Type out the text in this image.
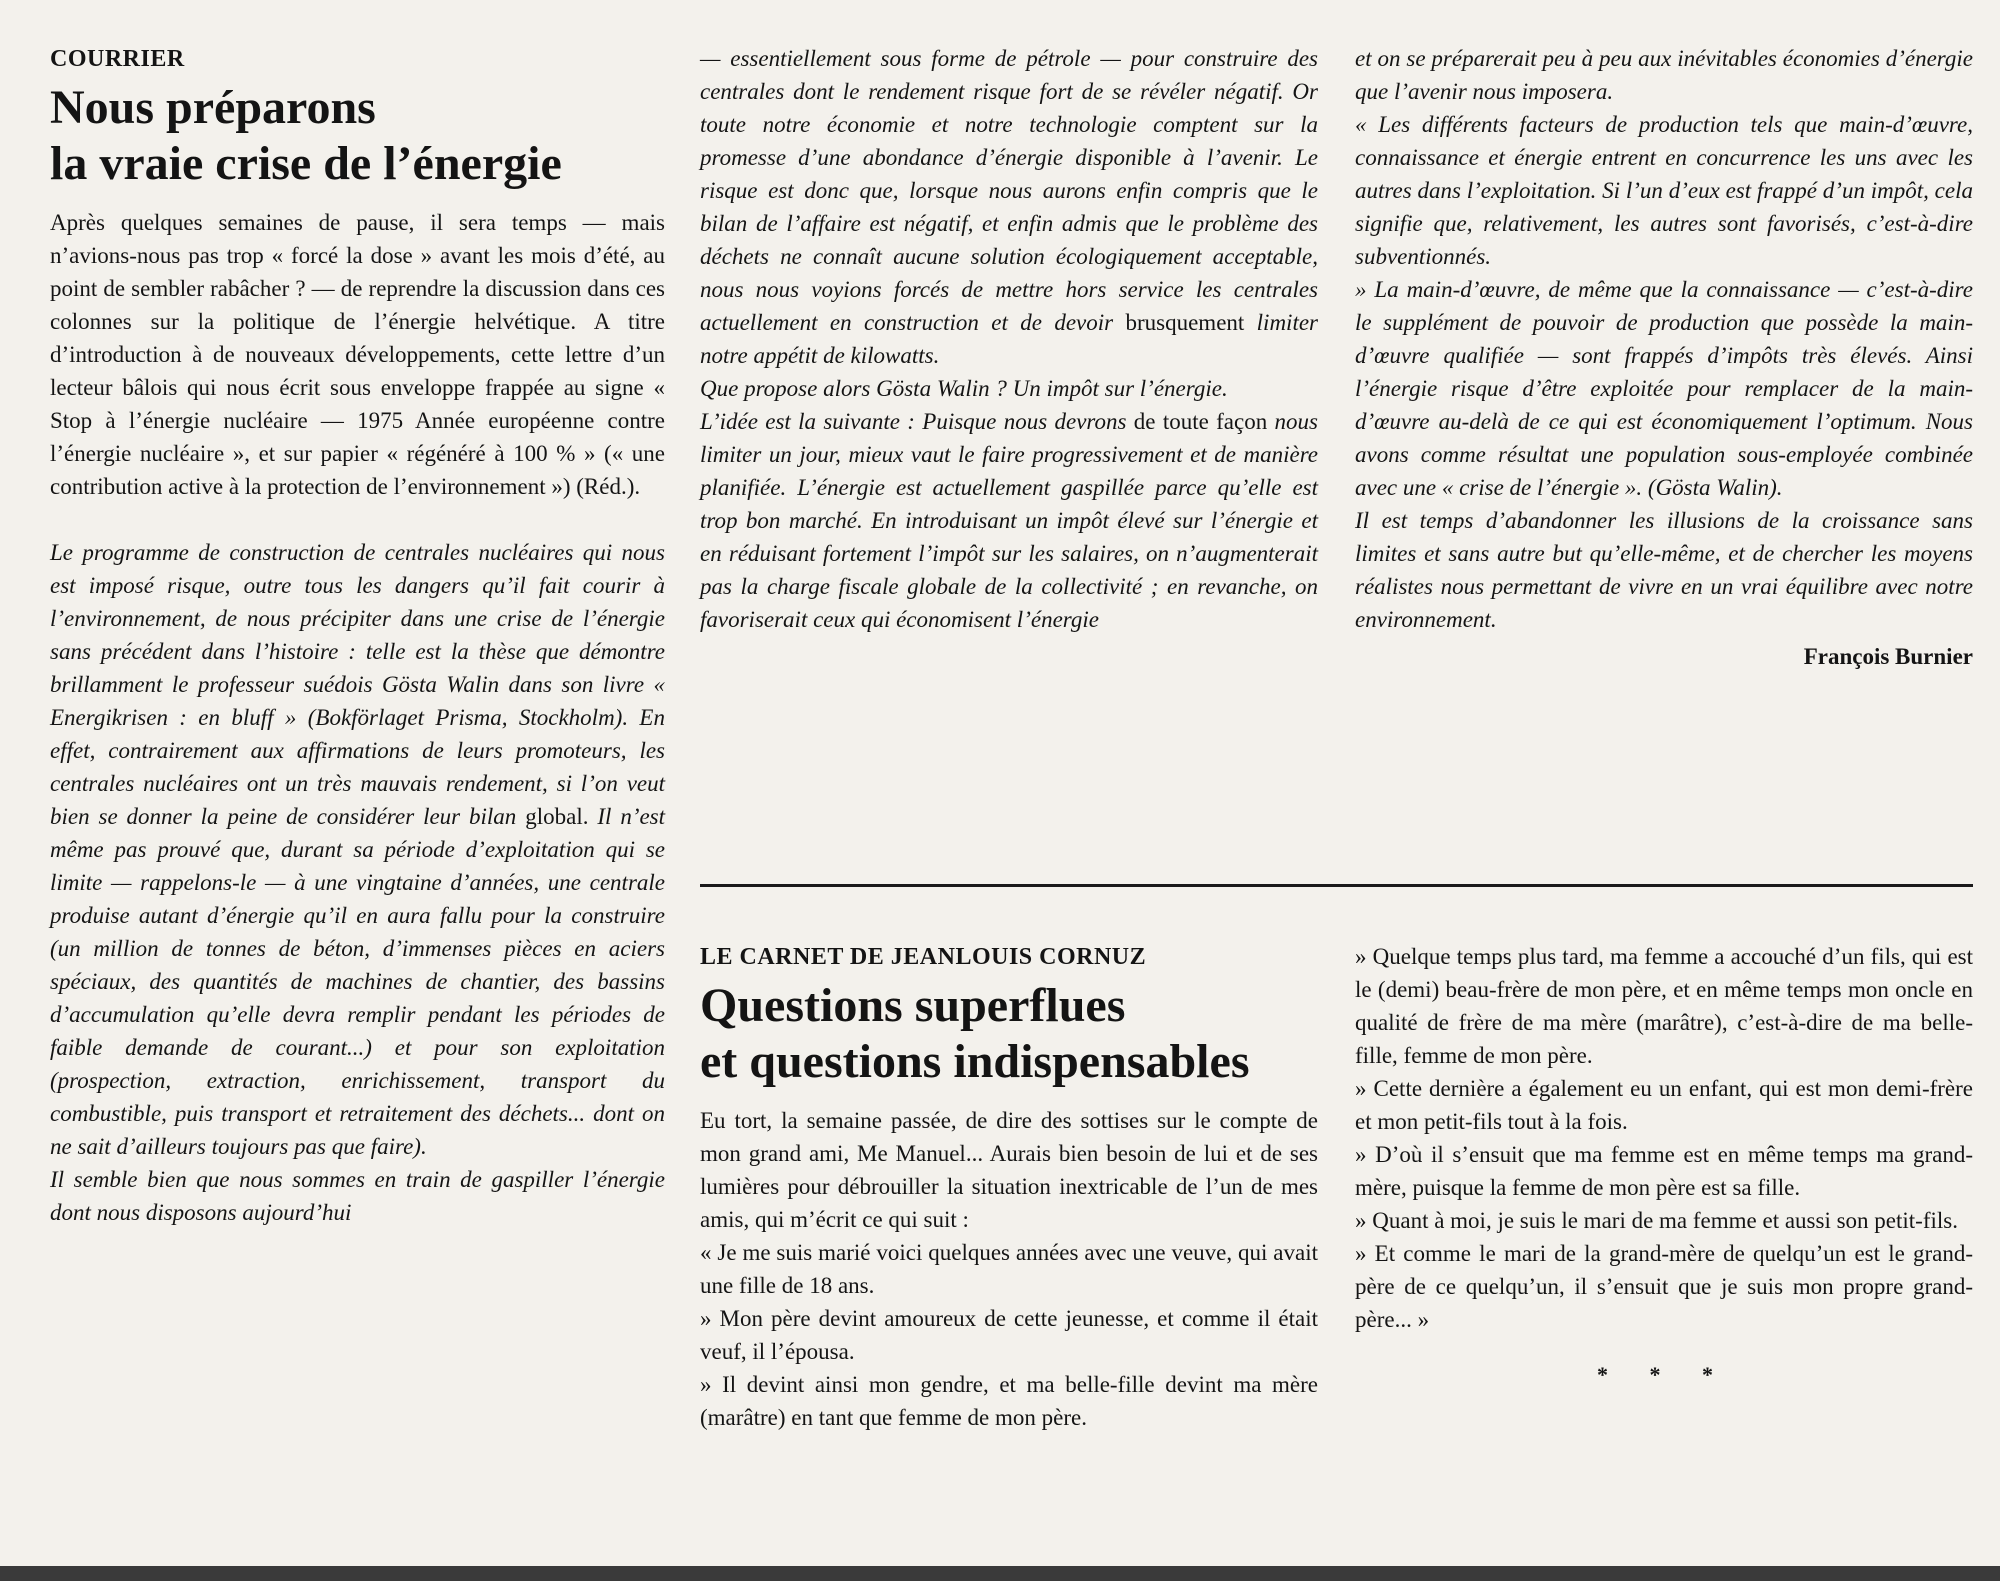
COURRIER
Nous préparons
la vraie crise de l’énergie

Après quelques semaines de pause, il sera temps — mais n’avions-nous pas trop « forcé la dose » avant les mois d’été, au point de sembler rabâcher ? — de reprendre la discussion dans ces colonnes sur la politique de l’énergie helvétique. A titre d’introduction à de nouveaux développements, cette lettre d’un lecteur bâlois qui nous écrit sous enveloppe frappée au signe « Stop à l’énergie nucléaire — 1975 Année européenne contre l’énergie nucléaire », et sur papier « régénéré à 100 % » (« une contribution active à la protection de l’environnement ») (Réd.).

Le programme de construction de centrales nucléaires qui nous est imposé risque, outre tous les dangers qu’il fait courir à l’environnement, de nous précipiter dans une crise de l’énergie sans précédent dans l’histoire : telle est la thèse que démontre brillamment le professeur suédois Gösta Walin dans son livre « Energikrisen : en bluff » (Bokförlaget Prisma, Stockholm). En effet, contrairement aux affirmations de leurs promoteurs, les centrales nucléaires ont un très mauvais rendement, si l’on veut bien se donner la peine de considérer leur bilan global. Il n’est même pas prouvé que, durant sa période d’exploitation qui se limite — rappelons-le — à une vingtaine d’années, une centrale produise autant d’énergie qu’il en aura fallu pour la construire (un million de tonnes de béton, d’immenses pièces en aciers spéciaux, des quantités de machines de chantier, des bassins d’accumulation qu’elle devra remplir pendant les périodes de faible demande de courant...) et pour son exploitation (prospection, extraction, enrichissement, transport du combustible, puis transport et retraitement des déchets... dont on ne sait d’ailleurs toujours pas que faire).

Il semble bien que nous sommes en train de gaspiller l’énergie dont nous disposons aujourd’hui

— essentiellement sous forme de pétrole — pour construire des centrales dont le rendement risque fort de se révéler négatif. Or toute notre économie et notre technologie comptent sur la promesse d’une abondance d’énergie disponible à l’avenir. Le risque est donc que, lorsque nous aurons enfin compris que le bilan de l’affaire est négatif, et enfin admis que le problème des déchets ne connaît aucune solution écologiquement acceptable, nous nous voyions forcés de mettre hors service les centrales actuellement en construction et de devoir brusquement limiter notre appétit de kilowatts.

Que propose alors Gösta Walin ? Un impôt sur l’énergie.

L’idée est la suivante : Puisque nous devrons de toute façon nous limiter un jour, mieux vaut le faire progressivement et de manière planifiée. L’énergie est actuellement gaspillée parce qu’elle est trop bon marché. En introduisant un impôt élevé sur l’énergie et en réduisant fortement l’impôt sur les salaires, on n’augmenterait pas la charge fiscale globale de la collectivité ; en revanche, on favoriserait ceux qui économisent l’énergie

et on se préparerait peu à peu aux inévitables économies d’énergie que l’avenir nous imposera.

« Les différents facteurs de production tels que main-d’œuvre, connaissance et énergie entrent en concurrence les uns avec les autres dans l’exploitation. Si l’un d’eux est frappé d’un impôt, cela signifie que, relativement, les autres sont favorisés, c’est-à-dire subventionnés.

» La main-d’œuvre, de même que la connaissance — c’est-à-dire le supplément de pouvoir de production que possède la main-d’œuvre qualifiée — sont frappés d’impôts très élevés. Ainsi l’énergie risque d’être exploitée pour remplacer de la main-d’œuvre au-delà de ce qui est économiquement l’optimum. Nous avons comme résultat une population sous-employée combinée avec une « crise de l’énergie ». (Gösta Walin).

Il est temps d’abandonner les illusions de la croissance sans limites et sans autre but qu’elle-même, et de chercher les moyens réalistes nous permettant de vivre en un vrai équilibre avec notre environnement.

François Burnier
LE CARNET DE JEANLOUIS CORNUZ
Questions superflues
et questions indispensables

Eu tort, la semaine passée, de dire des sottises sur le compte de mon grand ami, Me Manuel... Aurais bien besoin de lui et de ses lumières pour débrouiller la situation inextricable de l’un de mes amis, qui m’écrit ce qui suit :

« Je me suis marié voici quelques années avec une veuve, qui avait une fille de 18 ans.

» Mon père devint amoureux de cette jeunesse, et comme il était veuf, il l’épousa.

» Il devint ainsi mon gendre, et ma belle-fille devint ma mère (marâtre) en tant que femme de mon père.

» Quelque temps plus tard, ma femme a accouché d’un fils, qui est le (demi) beau-frère de mon père, et en même temps mon oncle en qualité de frère de ma mère (marâtre), c’est-à-dire de ma belle-fille, femme de mon père.

» Cette dernière a également eu un enfant, qui est mon demi-frère et mon petit-fils tout à la fois.

» D’où il s’ensuit que ma femme est en même temps ma grand-mère, puisque la femme de mon père est sa fille.

» Quant à moi, je suis le mari de ma femme et aussi son petit-fils.

» Et comme le mari de la grand-mère de quelqu’un est le grand-père de ce quelqu’un, il s’ensuit que je suis mon propre grand-père... »

* * *
